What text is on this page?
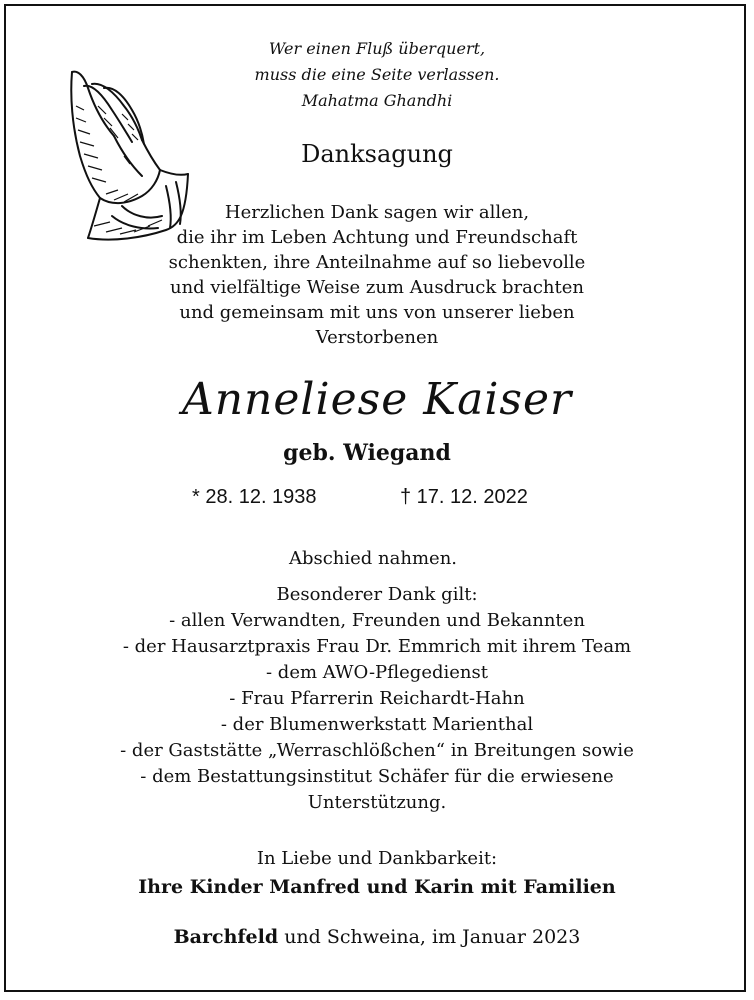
Wer einen Fluß überquert,
muss die eine Seite verlassen.
Mahatma Ghandhi
Danksagung
Herzlichen Dank sagen wir allen,
die ihr im Leben Achtung und Freundschaft
schenkten, ihre Anteilnahme auf so liebevolle
und vielfältige Weise zum Ausdruck brachten
und gemeinsam mit uns von unserer lieben
Verstorbenen
Anneliese Kaiser
geb. Wiegand
* 28. 12. 1938	† 17. 12. 2022
Abschied nahmen.
Besonderer Dank gilt:
- allen Verwandten, Freunden und Bekannten
- der Hausarztpraxis Frau Dr. Emmrich mit ihrem Team
- dem AWO-Pflegedienst
- Frau Pfarrerin Reichardt-Hahn
- der Blumenwerkstatt Marienthal
- der Gaststätte „Werraschlößchen“ in Breitungen sowie
- dem Bestattungsinstitut Schäfer für die erwiesene
Unterstützung.
In Liebe und Dankbarkeit:
Ihre Kinder Manfred und Karin mit Familien
Barchfeld und Schweina, im Januar 2023
